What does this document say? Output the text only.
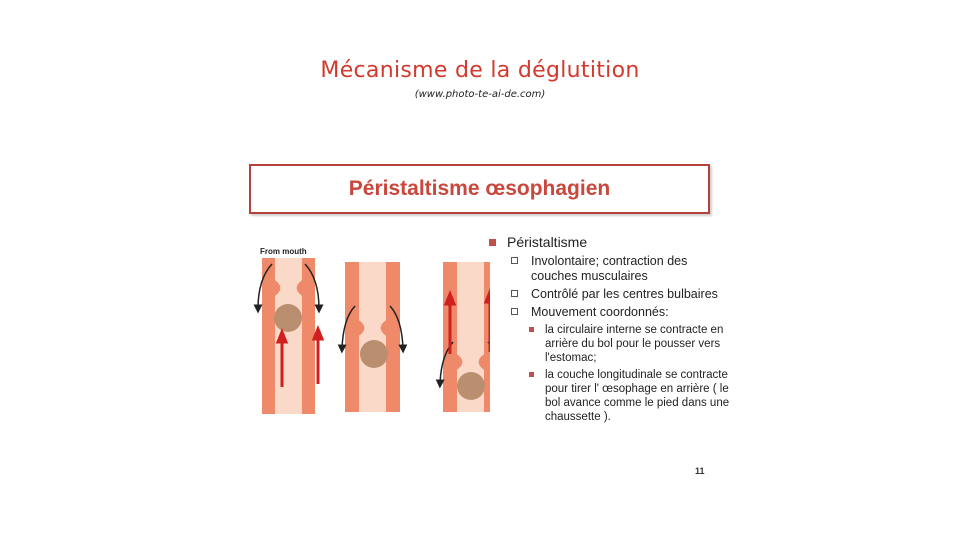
Mécanisme de la déglutition
(www.photo-te-ai-de.com)
Péristaltisme œsophagien
From mouth
Péristaltisme
Involontaire; contraction des couches musculaires
Contrôlé par les centres bulbaires
Mouvement coordonnés:
la circulaire interne se contracte en arrière du bol pour le pousser vers l'estomac;
la couche longitudinale se contracte pour tirer l' œsophage en arrière ( le bol avance comme le pied dans une chaussette ).
11
